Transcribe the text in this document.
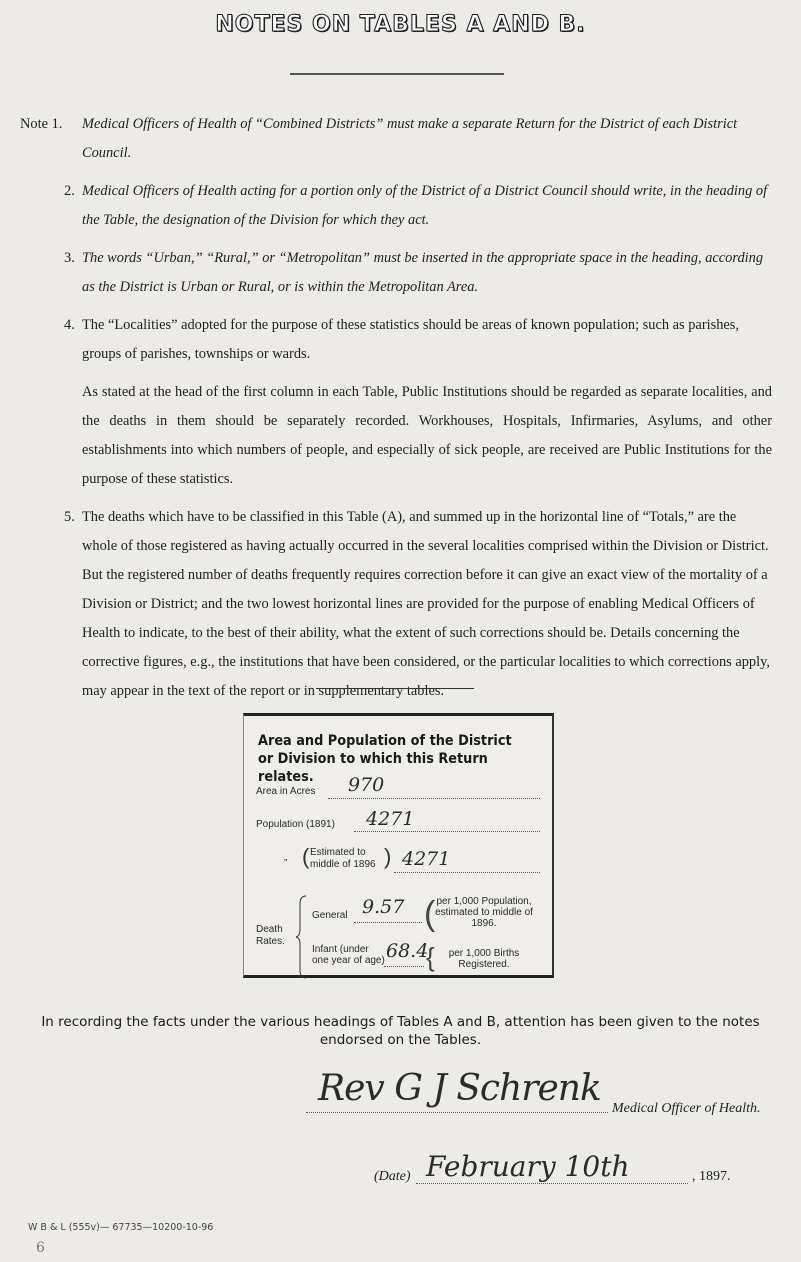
NOTES ON TABLES A AND B.

Note 1. Medical Officers of Health of “Combined Districts” must make a separate Return for the District of each District Council.

2. Medical Officers of Health acting for a portion only of the District of a District Council should write, in the heading of the Table, the designation of the Division for which they act.

3. The words “Urban,” “Rural,” or “Metropolitan” must be inserted in the appropriate space in the heading, according as the District is Urban or Rural, or is within the Metropolitan Area.

4. The “Localities” adopted for the purpose of these statistics should be areas of known population; such as parishes, groups of parishes, townships or wards.

As stated at the head of the first column in each Table, Public Institutions should be regarded as separate localities, and the deaths in them should be separately recorded. Workhouses, Hospitals, Infirmaries, Asylums, and other establishments into which numbers of people, and especially of sick people, are received are Public Institutions for the purpose of these statistics.

5. The deaths which have to be classified in this Table (A), and summed up in the horizontal line of “Totals,” are the whole of those registered as having actually occurred in the several localities comprised within the Division or District. But the registered number of deaths frequently requires correction before it can give an exact view of the mortality of a Division or District; and the two lowest horizontal lines are provided for the purpose of enabling Medical Officers of Health to indicate, to the best of their ability, what the extent of such corrections should be. Details concerning the corrective figures, e.g., the institutions that have been considered, or the particular localities to which corrections apply, may appear in the text of the report or in supplementary tables.

Area and Population of the District or Division to which this Return relates.
Area in Acres 970
Population (1891) 4271
” ( Estimated to
middle of 1896 ) 4271
Death
Rates.
General 9.57 ( per 1,000 Population, estimated to middle of 1896.
Infant (under one year of age) 68.4
{	per 1,000 Births Registered.
In recording the facts under the various headings of Tables A and B, attention has been given to the notes endorsed on the Tables.
Rev G J Schrenk Medical Officer of Health.
(Date) February 10th	, 1897.
W B & L (555v)— 67735—10200-10-96
6
